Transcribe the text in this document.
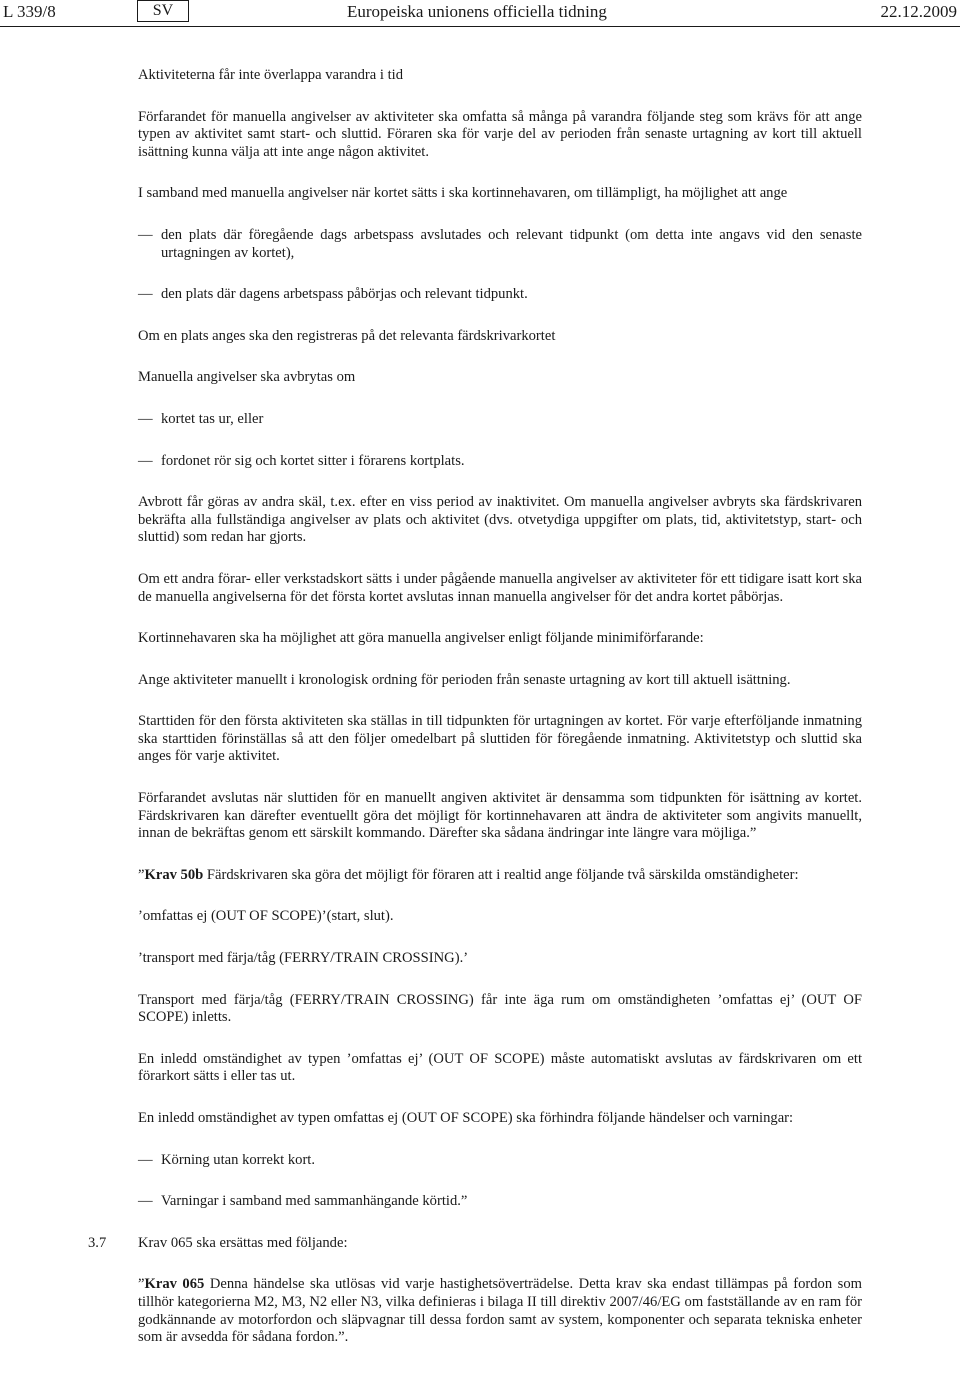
L 339/8	SV	Europeiska unionens officiella tidning	22.12.2009

Aktiviteterna får inte överlappa varandra i tid

Förfarandet för manuella angivelser av aktiviteter ska omfatta så många på varandra följande steg som krävs för att ange typen av aktivitet samt start- och sluttid. Föraren ska för varje del av perioden från senaste urtagning av kort till aktuell isättning kunna välja att inte ange någon aktivitet.

I samband med manuella angivelser när kortet sätts i ska kortinnehavaren, om tillämpligt, ha möjlighet att ange

— den plats där föregående dags arbetspass avslutades och relevant tidpunkt (om detta inte angavs vid den senaste urtagningen av kortet),
— den plats där dagens arbetspass påbörjas och relevant tidpunkt.

Om en plats anges ska den registreras på det relevanta färdskrivarkortet

Manuella angivelser ska avbrytas om

— kortet tas ur, eller
— fordonet rör sig och kortet sitter i förarens kortplats.

Avbrott får göras av andra skäl, t.ex. efter en viss period av inaktivitet. Om manuella angivelser avbryts ska färdskrivaren bekräfta alla fullständiga angivelser av plats och aktivitet (dvs. otvetydiga uppgifter om plats, tid, aktivitetstyp, start- och sluttid) som redan har gjorts.

Om ett andra förar- eller verkstadskort sätts i under pågående manuella angivelser av aktiviteter för ett tidigare isatt kort ska de manuella angivelserna för det första kortet avslutas innan manuella angivelser för det andra kortet påbörjas.

Kortinnehavaren ska ha möjlighet att göra manuella angivelser enligt följande minimiförfarande:

Ange aktiviteter manuellt i kronologisk ordning för perioden från senaste urtagning av kort till aktuell isättning.

Starttiden för den första aktiviteten ska ställas in till tidpunkten för urtagningen av kortet. För varje efterföljande inmatning ska starttiden förinställas så att den följer omedelbart på sluttiden för föregående inmatning. Aktivitetstyp och sluttid ska anges för varje aktivitet.

Förfarandet avslutas när sluttiden för en manuellt angiven aktivitet är densamma som tidpunkten för isättning av kortet. Färdskrivaren kan därefter eventuellt göra det möjligt för kortinnehavaren att ändra de aktiviteter som angivits manuellt, innan de bekräftas genom ett särskilt kommando. Därefter ska sådana ändringar inte längre vara möjliga.”

”Krav 50b Färdskrivaren ska göra det möjligt för föraren att i realtid ange följande två särskilda omständigheter:

’omfattas ej (OUT OF SCOPE)’(start, slut).

’transport med färja/tåg (FERRY/TRAIN CROSSING).’

Transport med färja/tåg (FERRY/TRAIN CROSSING) får inte äga rum om omständigheten ’omfattas ej’ (OUT OF SCOPE) inletts.

En inledd omständighet av typen ’omfattas ej’ (OUT OF SCOPE) måste automatiskt avslutas av färdskrivaren om ett förarkort sätts i eller tas ut.

En inledd omständighet av typen omfattas ej (OUT OF SCOPE) ska förhindra följande händelser och varningar:

— Körning utan korrekt kort.
— Varningar i samband med sammanhängande körtid.”
3.7 Krav 065 ska ersättas med följande:

”Krav 065 Denna händelse ska utlösas vid varje hastighetsöverträdelse. Detta krav ska endast tillämpas på fordon som tillhör kategorierna M2, M3, N2 eller N3, vilka definieras i bilaga II till direktiv 2007/46/EG om fastställande av en ram för godkännande av motorfordon och släpvagnar till dessa fordon samt av system, komponenter och separata tekniska enheter som är avsedda för sådana fordon.”.
